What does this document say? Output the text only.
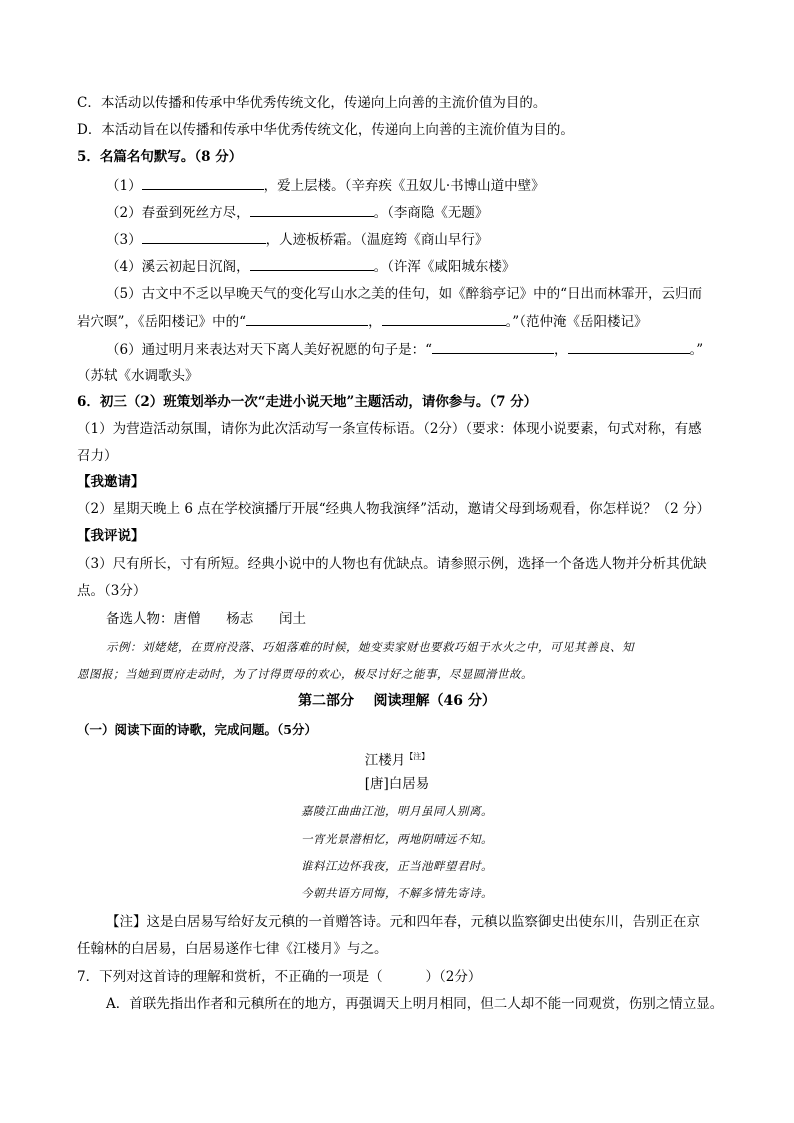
C．本活动以传播和传承中华优秀传统文化，传递向上向善的主流价值为目的。
D．本活动旨在以传播和传承中华优秀传统文化，传递向上向善的主流价值为目的。
5．名篇名句默写。（8 分）
（1）	，爱上层楼。（辛弃疾《丑奴儿·书博山道中壁》
（2）春蚕到死丝方尽，	。（李商隐《无题》
（3）	，人迹板桥霜。（温庭筠《商山早行》
（4）溪云初起日沉阁，	。（许浑《咸阳城东楼》
（5）古文中不乏以早晚天气的变化写山水之美的佳句，如《醉翁亭记》中的“日出而林霏开，云归而
岩穴暝”，《岳阳楼记》中的“	，	。”（范仲淹《岳阳楼记》
（6）通过明月来表达对天下离人美好祝愿的句子是：“	，	。”
（苏轼《水调歌头》
6．初三（2）班策划举办一次“走进小说天地”主题活动，请你参与。（7 分）
（1）为营造活动氛围，请你为此次活动写一条宣传标语。（2分）（要求：体现小说要素，句式对称，有感
召力）
【我邀请】
（2）星期天晚上 6 点在学校演播厅开展“经典人物我演绎”活动，邀请父母到场观看，你怎样说？（2 分）
【我评说】
（3）尺有所长，寸有所短。经典小说中的人物也有优缺点。请参照示例，选择一个备选人物并分析其优缺
点。（3分）
备选人物：唐僧      杨志      闰土
示例：刘姥姥，在贾府没落、巧姐落难的时候，她变卖家财也要救巧姐于水火之中，可见其善良、知
恩图报；当她到贾府走动时，为了讨得贾母的欢心，极尽讨好之能事，尽显圆滑世故。
第二部分    阅读理解（46 分）
（一）阅读下面的诗歌，完成问题。（5分）
江楼月$^{【注】}$
[唐]白居易
嘉陵江曲曲江池，明月虽同人别离。
一宵光景潜相忆，两地阴晴远不知。
谁料江边怀我夜，正当池畔望君时。
今朝共语方同悔，不解多情先寄诗。
【注】这是白居易写给好友元稹的一首赠答诗。元和四年春，元稹以监察御史出使东川，告别正在京
任翰林的白居易，白居易遂作七律《江楼月》与之。
7．下列对这首诗的理解和赏析，不正确的一项是（          ）（2分）
A．首联先指出作者和元稹所在的地方，再强调天上明月相同，但二人却不能一同观赏，伤别之情立显。
